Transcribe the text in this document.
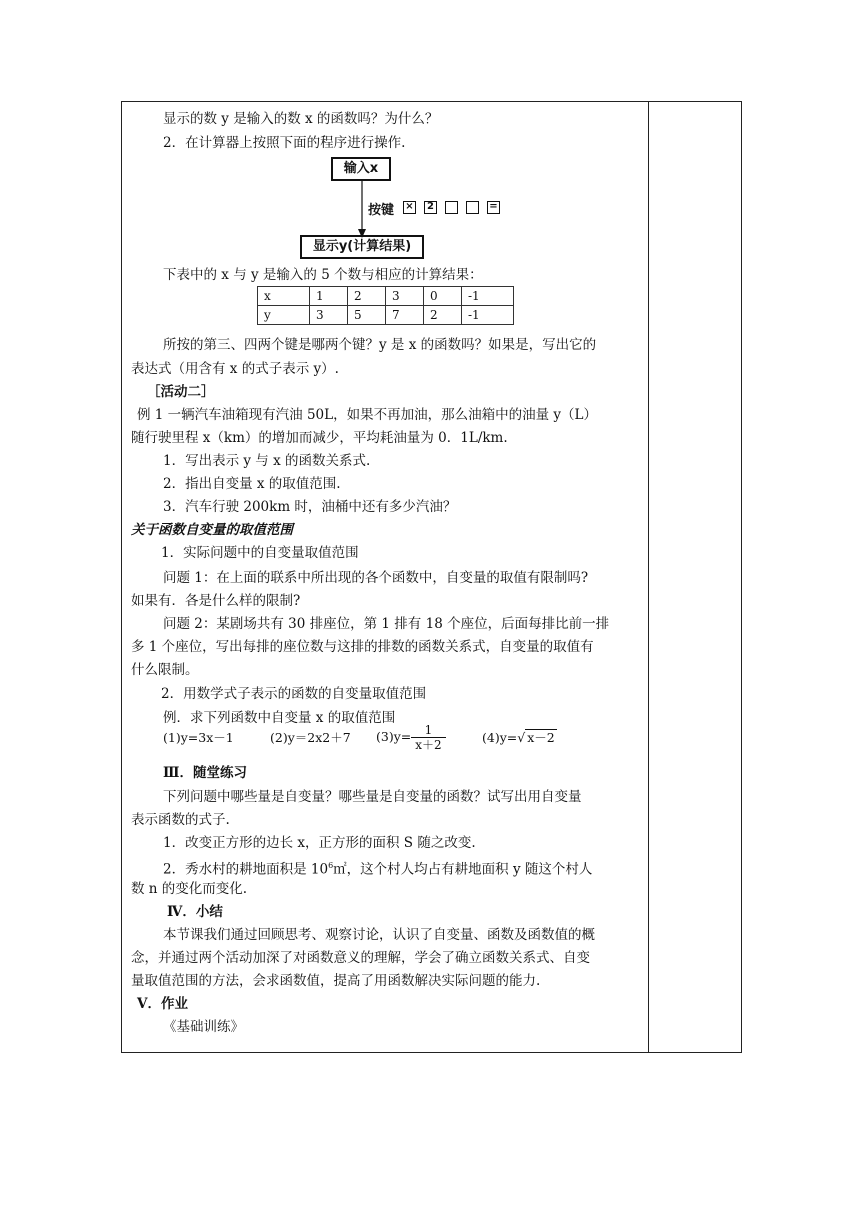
显示的数 y 是输入的数 x 的函数吗？为什么？
2．在计算器上按照下面的程序进行操作.
输入x
按键 ×	2	=
显示y(计算结果)
下表中的 x 与 y 是输入的 5 个数与相应的计算结果：
x	1	2	3	0	-1
y	3	5	7	2	-1
所按的第三、四两个键是哪两个键？y 是 x 的函数吗？如果是，写出它的
表达式（用含有 x 的式子表示 y）.
［活动二］
例 1 一辆汽车油箱现有汽油 50L，如果不再加油，那么油箱中的油量 y（L）
随行驶里程 x（km）的增加而减少，平均耗油量为 0．1L/km.
1．写出表示 y 与 x 的函数关系式.
2．指出自变量 x 的取值范围.
3．汽车行驶 200km 时，油桶中还有多少汽油？
关于函数自变量的取值范围
1．实际问题中的自变量取值范围
问题 1：在上面的联系中所出现的各个函数中，自变量的取值有限制吗?
如果有．各是什么样的限制?
问题 2：某剧场共有 30 排座位，第 1 排有 18 个座位，后面每排比前一排
多 1 个座位，写出每排的座位数与这排的排数的函数关系式，自变量的取值有
什么限制。
2．用数学式子表示的函数的自变量取值范围
例．求下列函数中自变量 x 的取值范围
(1)y=3x－1	(2)y＝2x2＋7 $(3)y= \frac{1}{x+2}$	(4)y=√ x－2
Ⅲ．随堂练习
下列问题中哪些量是自变量？哪些量是自变量的函数？试写出用自变量
表示函数的式子.
1．改变正方形的边长 x，正方形的面积 S 随之改变.
2．秀水村的耕地面积是 $10^6㎡$，这个村人均占有耕地面积 y 随这个村人
数 n 的变化而变化.
Ⅳ．小结
本节课我们通过回顾思考、观察讨论，认识了自变量、函数及函数值的概
念，并通过两个活动加深了对函数意义的理解，学会了确立函数关系式、自变
量取值范围的方法，会求函数值，提高了用函数解决实际问题的能力.
Ⅴ．作业
《基础训练》
